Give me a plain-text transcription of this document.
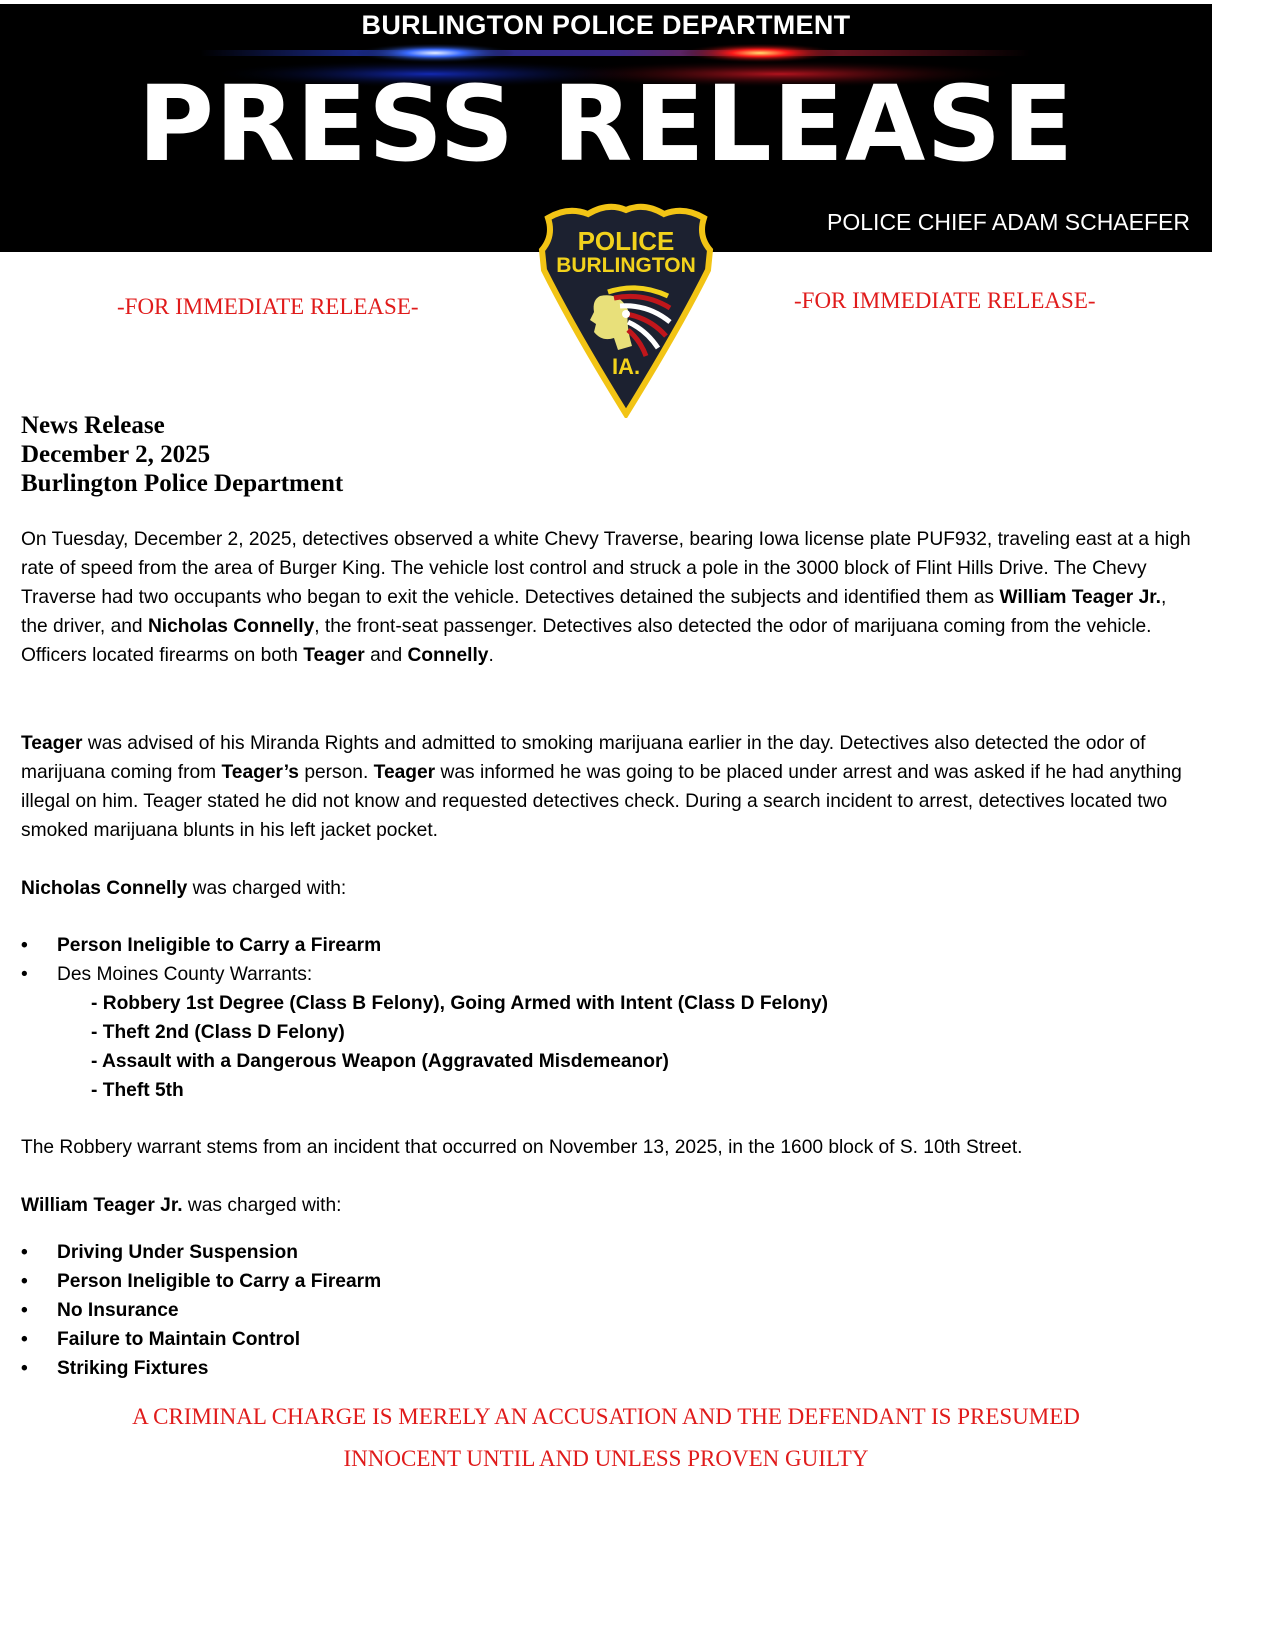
BURLINGTON POLICE DEPARTMENT
PRESS RELEASE
POLICE CHIEF ADAM SCHAEFER
POLICE
BURLINGTON
IA.
-FOR IMMEDIATE RELEASE-	-FOR IMMEDIATE RELEASE-
News Release
December 2, 2025
Burlington Police Department
On Tuesday, December 2, 2025, detectives observed a white Chevy Traverse, bearing Iowa license plate PUF932, traveling east at a high rate of speed from the area of Burger King. The vehicle lost control and struck a pole in the 3000 block of Flint Hills Drive. The Chevy Traverse had two occupants who began to exit the vehicle. Detectives detained the subjects and identified them as William Teager Jr., the driver, and Nicholas Connelly, the front-seat passenger. Detectives also detected the odor of marijuana coming from the vehicle. Officers located firearms on both Teager and Connelly.
Teager was advised of his Miranda Rights and admitted to smoking marijuana earlier in the day. Detectives also detected the odor of marijuana coming from Teager’s person. Teager was informed he was going to be placed under arrest and was asked if he had anything illegal on him. Teager stated he did not know and requested detectives check. During a search incident to arrest, detectives located two smoked marijuana blunts in his left jacket pocket.
Nicholas Connelly was charged with:
• Person Ineligible to Carry a Firearm
• Des Moines County Warrants:
- Robbery 1st Degree (Class B Felony), Going Armed with Intent (Class D Felony)
- Theft 2nd (Class D Felony)
- Assault with a Dangerous Weapon (Aggravated Misdemeanor)
- Theft 5th
The Robbery warrant stems from an incident that occurred on November 13, 2025, in the 1600 block of S. 10th Street.
William Teager Jr. was charged with:
• Driving Under Suspension
• Person Ineligible to Carry a Firearm
• No Insurance
• Failure to Maintain Control
• Striking Fixtures
A CRIMINAL CHARGE IS MERELY AN ACCUSATION AND THE DEFENDANT IS PRESUMED
INNOCENT UNTIL AND UNLESS PROVEN GUILTY
